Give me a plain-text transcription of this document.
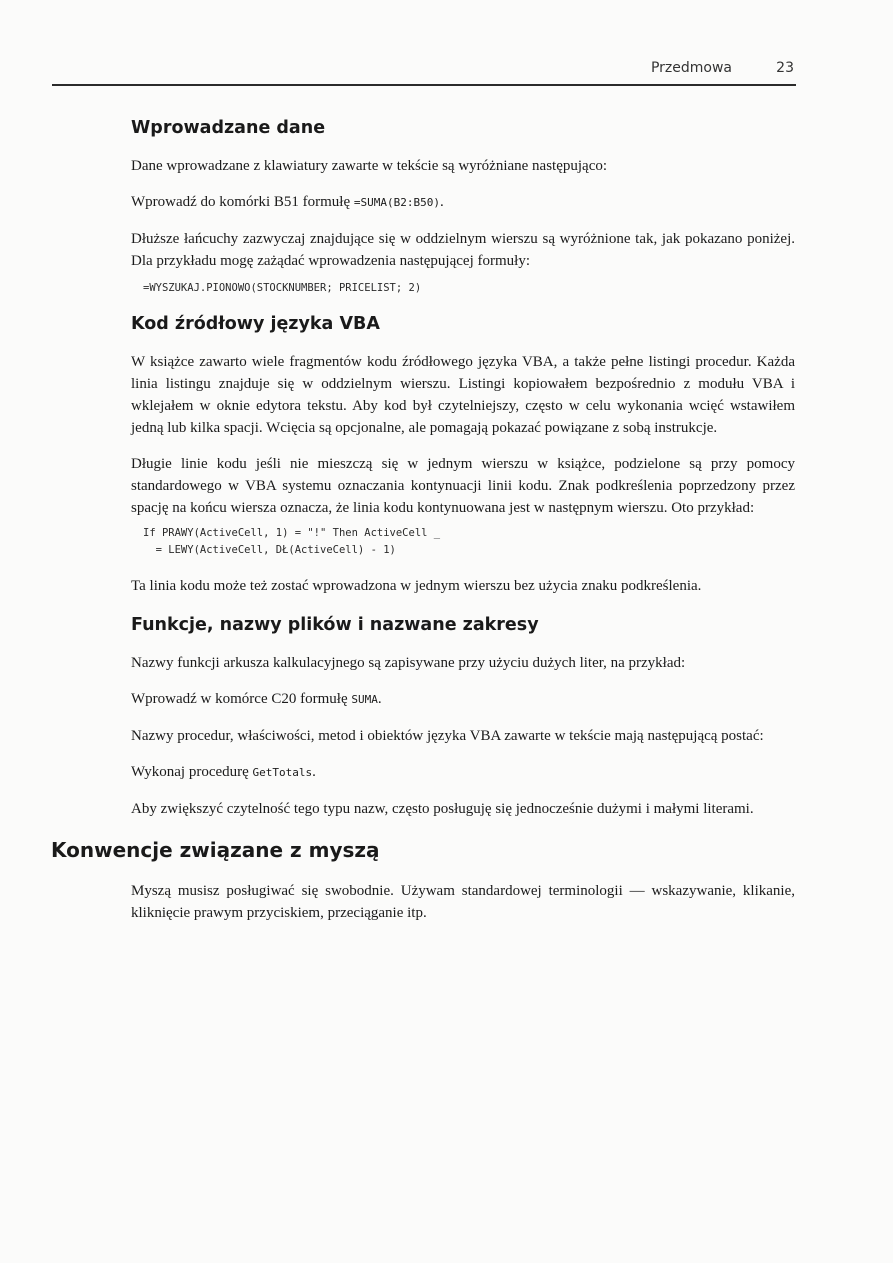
Przedmowa	23
Wprowadzane dane

Dane wprowadzane z klawiatury zawarte w tekście są wyróżniane następująco:

Wprowadź do komórki B51 formułę =SUMA(B2:B50).

Dłuższe łańcuchy zazwyczaj znajdujące się w oddzielnym wierszu są wyróżnione tak, jak pokazano poniżej. Dla przykładu mogę zażądać wprowadzenia następującej formuły:

=WYSZUKAJ.PIONOWO(STOCKNUMBER; PRICELIST; 2)

Kod źródłowy języka VBA

W książce zawarto wiele fragmentów kodu źródłowego języka VBA, a także pełne listingi procedur. Każda linia listingu znajduje się w oddzielnym wierszu. Listingi kopiowałem bezpośrednio z modułu VBA i wklejałem w oknie edytora tekstu. Aby kod był czytelniejszy, często w celu wykonania wcięć wstawiłem jedną lub kilka spacji. Wcięcia są opcjonalne, ale pomagają pokazać powiązane z sobą instrukcje.

Długie linie kodu jeśli nie mieszczą się w jednym wierszu w książce, podzielone są przy pomocy standardowego w VBA systemu oznaczania kontynuacji linii kodu. Znak podkreślenia poprzedzony przez spację na końcu wiersza oznacza, że linia kodu kontynuowana jest w następnym wierszu. Oto przykład:

If PRAWY(ActiveCell, 1) = "!" Then ActiveCell _
= LEWY(ActiveCell, DŁ(ActiveCell) - 1)

Ta linia kodu może też zostać wprowadzona w jednym wierszu bez użycia znaku podkreślenia.

Funkcje, nazwy plików i nazwane zakresy

Nazwy funkcji arkusza kalkulacyjnego są zapisywane przy użyciu dużych liter, na przykład:

Wprowadź w komórce C20 formułę SUMA.

Nazwy procedur, właściwości, metod i obiektów języka VBA zawarte w tekście mają następującą postać:

Wykonaj procedurę GetTotals.

Aby zwiększyć czytelność tego typu nazw, często posługuję się jednocześnie dużymi i małymi literami.

Konwencje związane z myszą

Myszą musisz posługiwać się swobodnie. Używam standardowej terminologii — wskazywanie, klikanie, kliknięcie prawym przyciskiem, przeciąganie itp.
